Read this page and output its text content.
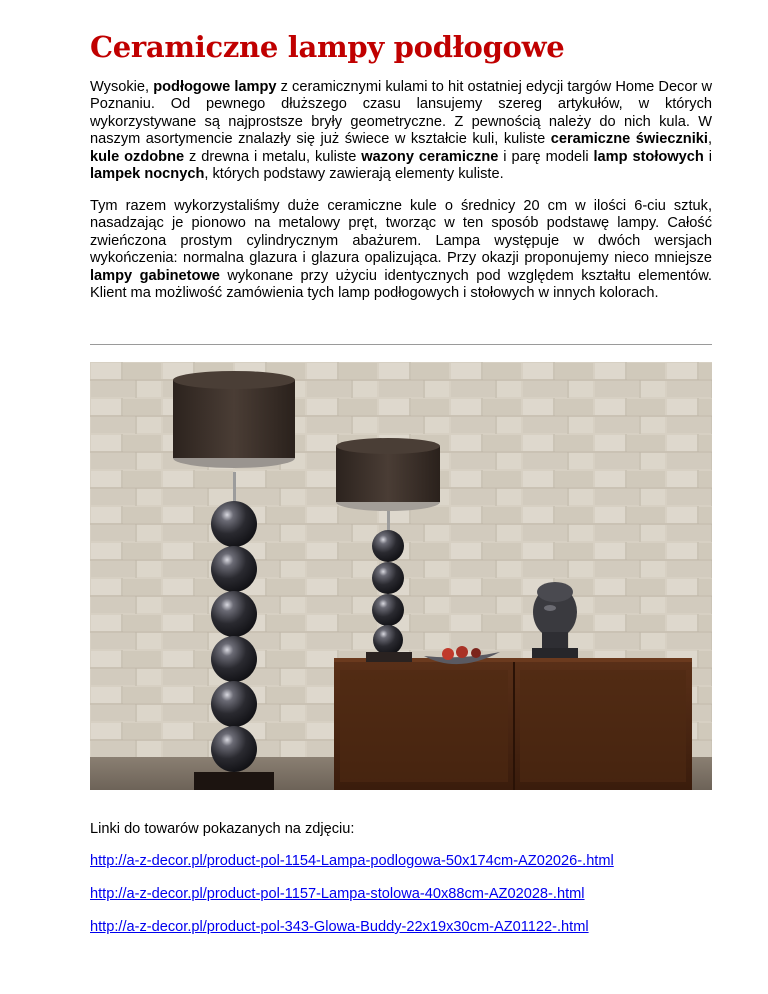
Ceramiczne lampy podłogowe

Wysokie, podłogowe lampy z ceramicznymi kulami to hit ostatniej edycji targów Home Decor w Poznaniu. Od pewnego dłuższego czasu lansujemy szereg artykułów, w których wykorzystywane są najprostsze bryły geometryczne. Z pewnością należy do nich kula. W naszym asortymencie znalazły się już świece w kształcie kuli, kuliste ceramiczne świeczniki, kule ozdobne z drewna i metalu, kuliste wazony ceramiczne i parę modeli lamp stołowych i lampek nocnych, których podstawy zawierają elementy kuliste.

Tym razem wykorzystaliśmy duże ceramiczne kule o średnicy 20 cm w ilości 6-ciu sztuk, nasadzając je pionowo na metalowy pręt, tworząc w ten sposób podstawę lampy. Całość zwieńczona prostym cylindrycznym abażurem. Lampa występuje w dwóch wersjach wykończenia: normalna glazura i glazura opalizująca. Przy okazji proponujemy nieco mniejsze lampy gabinetowe wykonane przy użyciu identycznych pod względem kształtu elementów. Klient ma możliwość zamówienia tych lamp podłogowych i stołowych w innych kolorach.

Linki do towarów pokazanych na zdjęciu:

http://a-z-decor.pl/product-pol-1154-Lampa-podlogowa-50x174cm-AZ02026-.html
http://a-z-decor.pl/product-pol-1157-Lampa-stolowa-40x88cm-AZ02028-.html
http://a-z-decor.pl/product-pol-343-Glowa-Buddy-22x19x30cm-AZ01122-.html
